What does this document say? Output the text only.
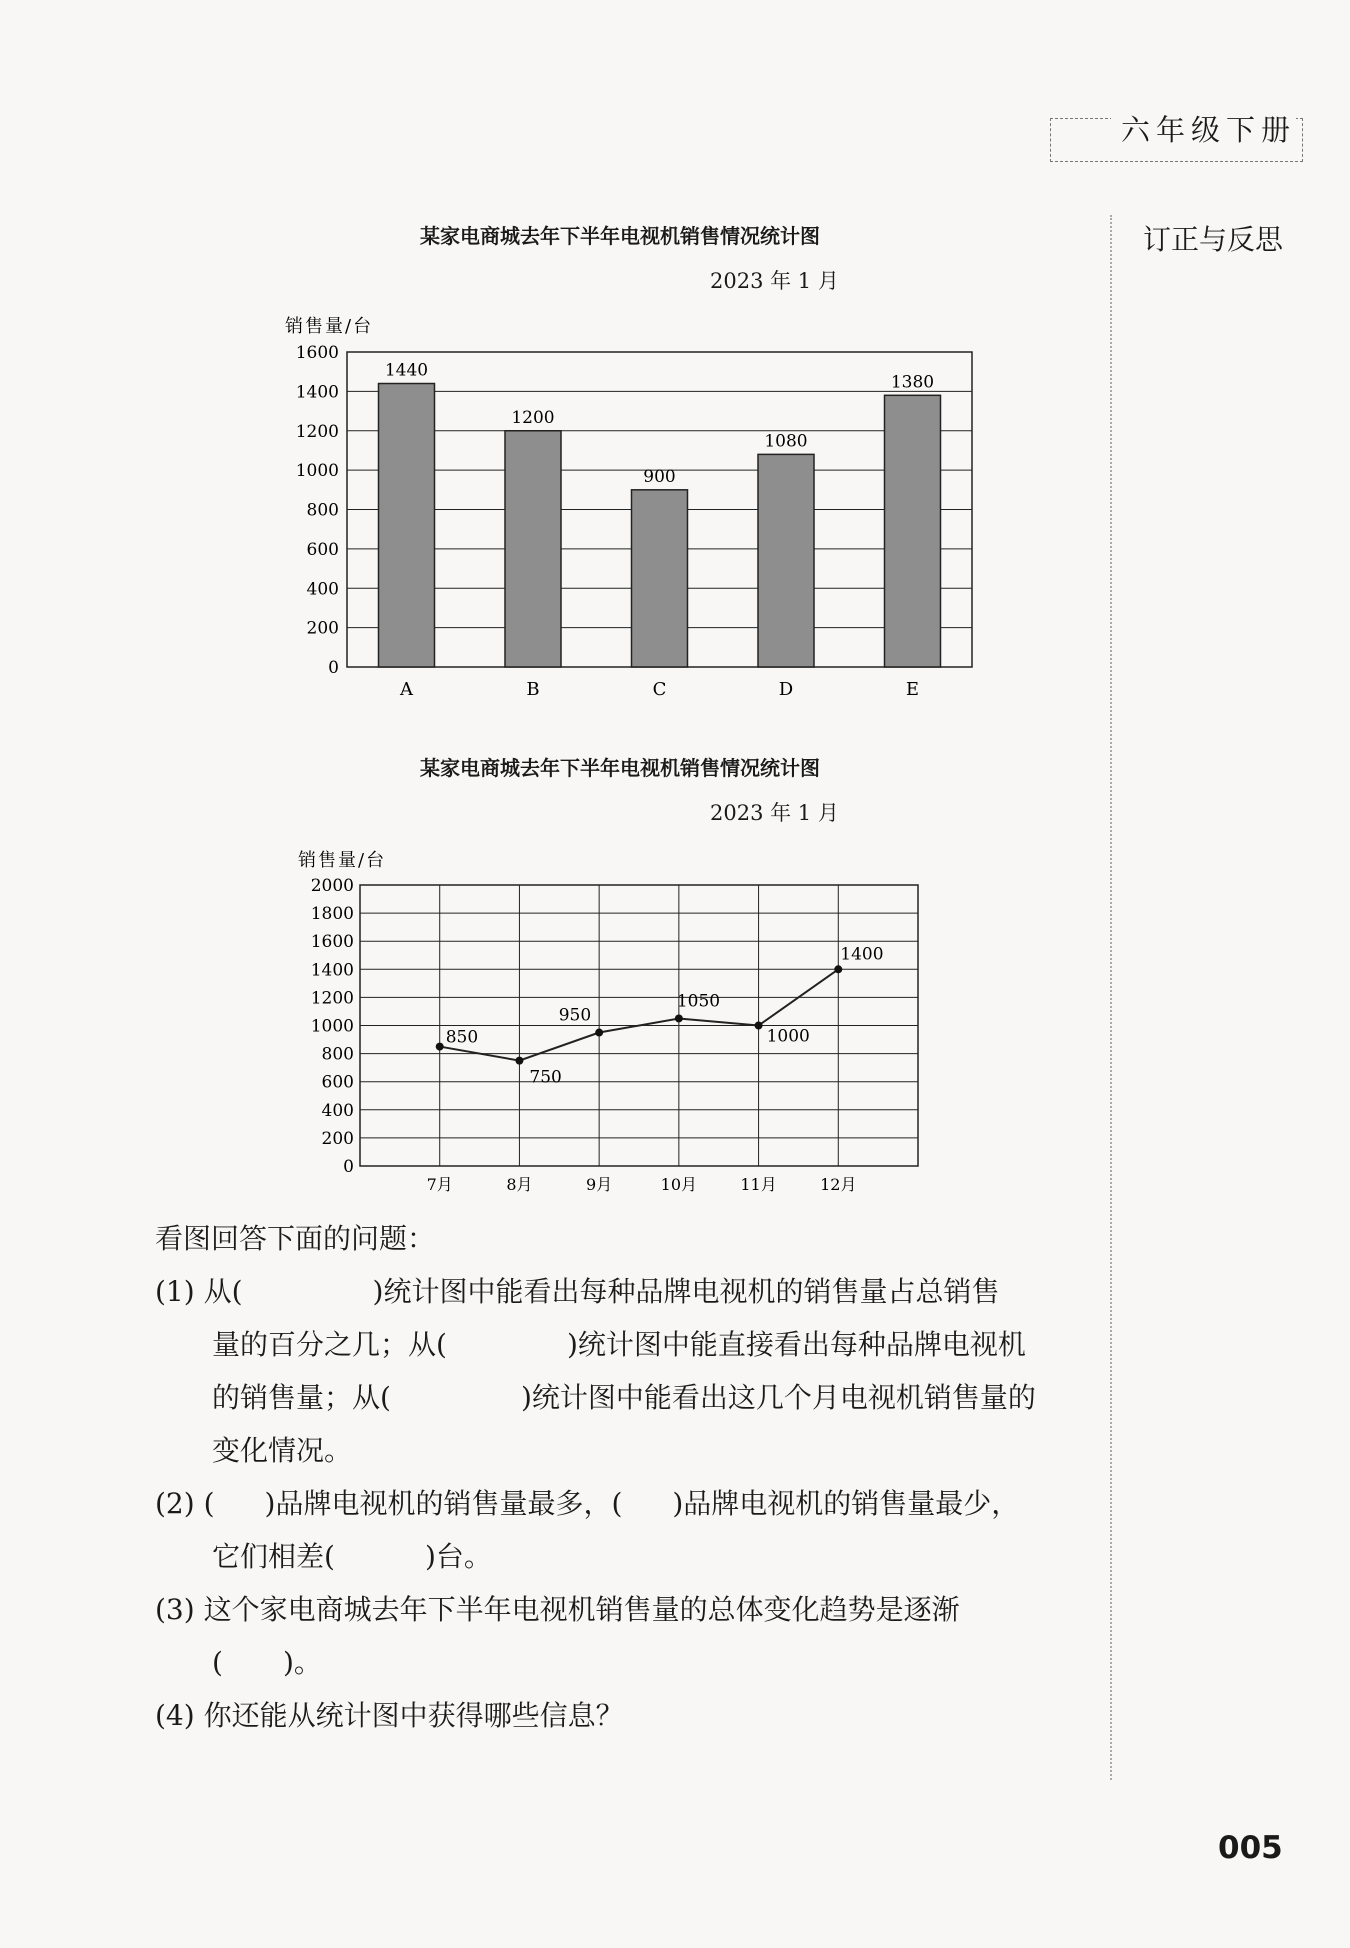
六年级下册
订正与反思
某家电商城去年下半年电视机销售情况统计图
2023 年 1 月
某家电商城去年下半年电视机销售情况统计图
2023 年 1 月
0
200
400
600
800
1000
1200
1400
1600
销售量/台
1440
A
1200
B
900
C
1080
D
1380
E
0
200
400
600
800
1000
1200
1400
1600
1800
2000
销售量/台
850
7月
750
8月
950
9月
1050
10月
1000
11月
1400
12月
看图回答下面的问题：
(1) 从(	)统计图中能看出每种品牌电视机的销售量占总销售
量的百分之几；从(	)统计图中能直接看出每种品牌电视机
的销售量；从(	)统计图中能看出这几个月电视机销售量的
变化情况。
(2) ( )品牌电视机的销售量最多，( )品牌电视机的销售量最少，
它们相差(	)台。
(3) 这个家电商城去年下半年电视机销售量的总体变化趋势是逐渐
( )。
(4) 你还能从统计图中获得哪些信息？
005
